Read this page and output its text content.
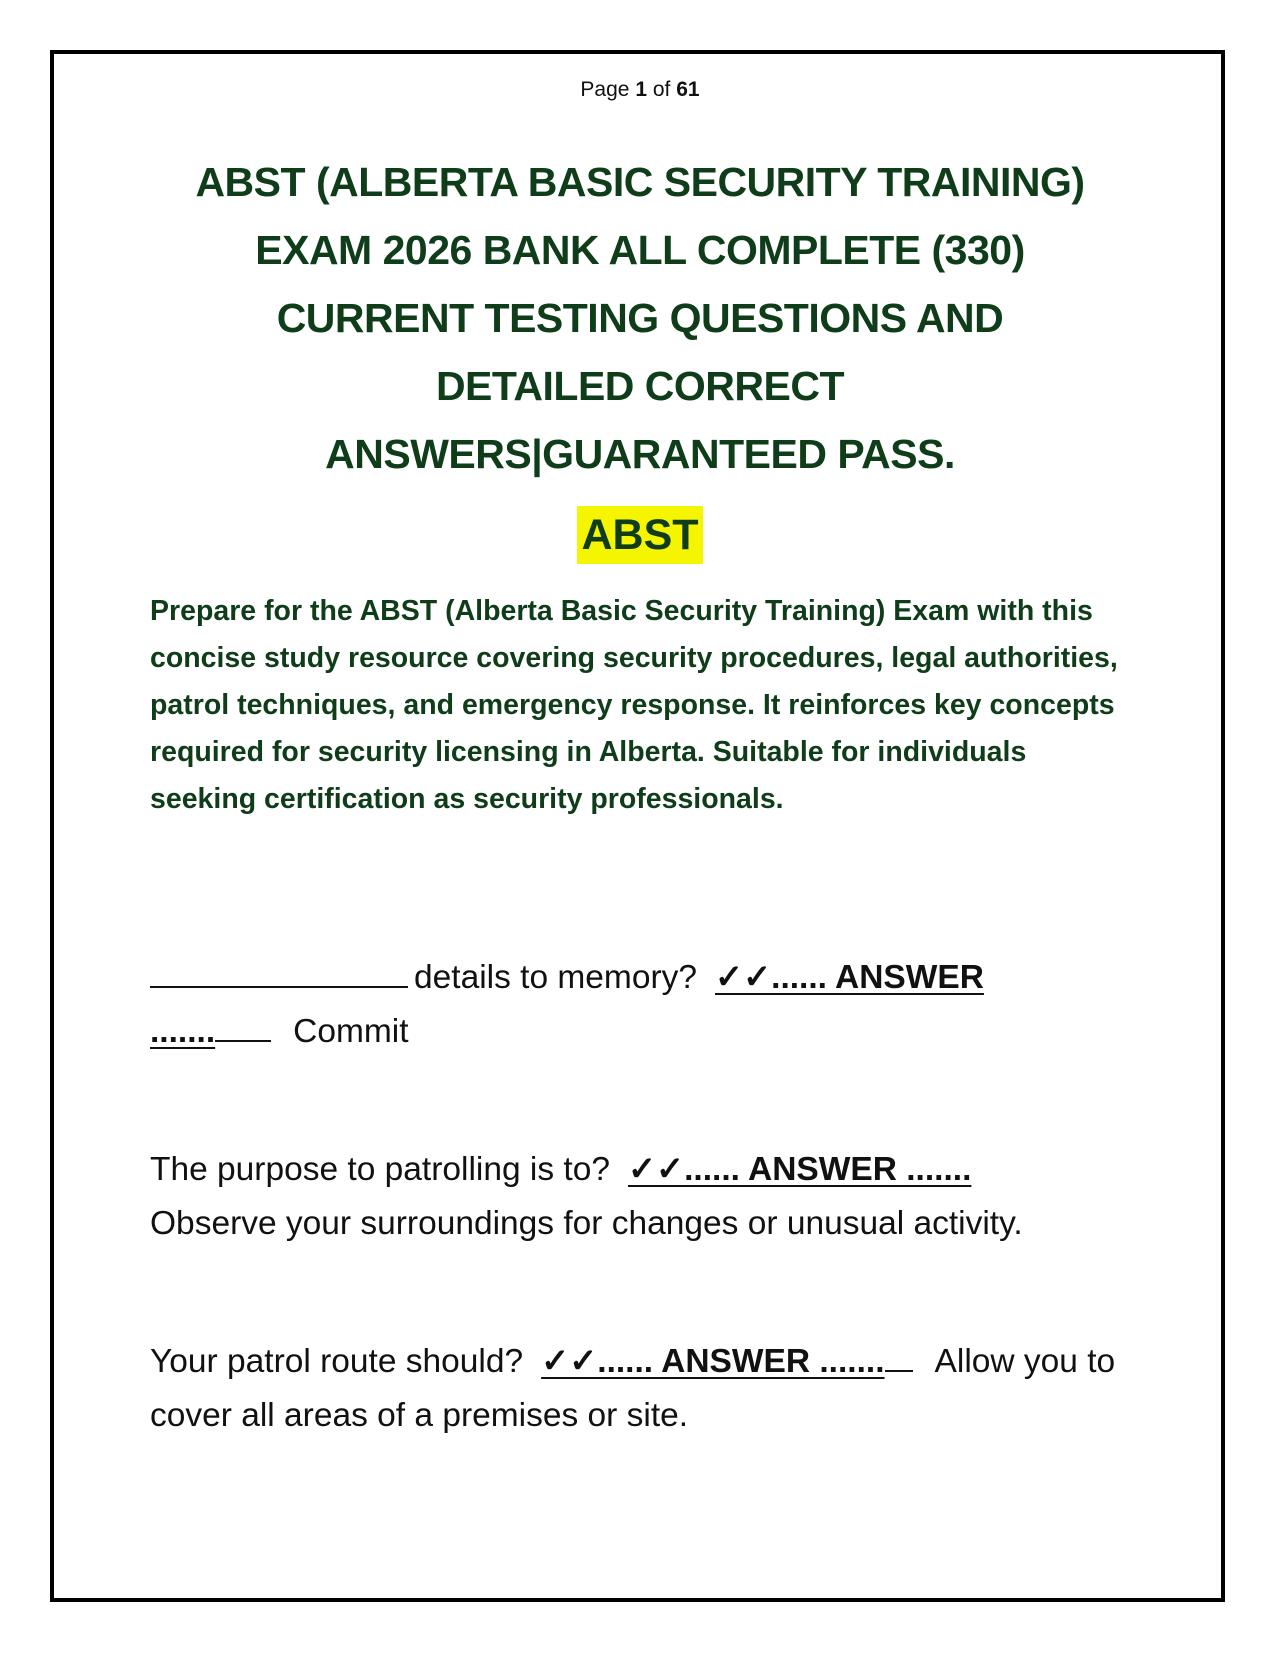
Page 1 of 61
ABST (ALBERTA BASIC SECURITY TRAINING)
EXAM 2026 BANK ALL COMPLETE (330)
CURRENT TESTING QUESTIONS AND
DETAILED CORRECT
ANSWERS|GUARANTEED PASS.
ABST

Prepare for the ABST (Alberta Basic Security Training) Exam with this concise study resource covering security procedures, legal authorities, patrol techniques, and emergency response. It reinforces key concepts required for security licensing in Alberta. Suitable for individuals seeking certification as security professionals.

details to memory? ✓✓...... ANSWER
....... Commit

The purpose to patrolling is to? ✓✓...... ANSWER .......
Observe your surroundings for changes or unusual activity.

Your patrol route should? ✓✓...... ANSWER ....... Allow you to cover all areas of a premises or site.
